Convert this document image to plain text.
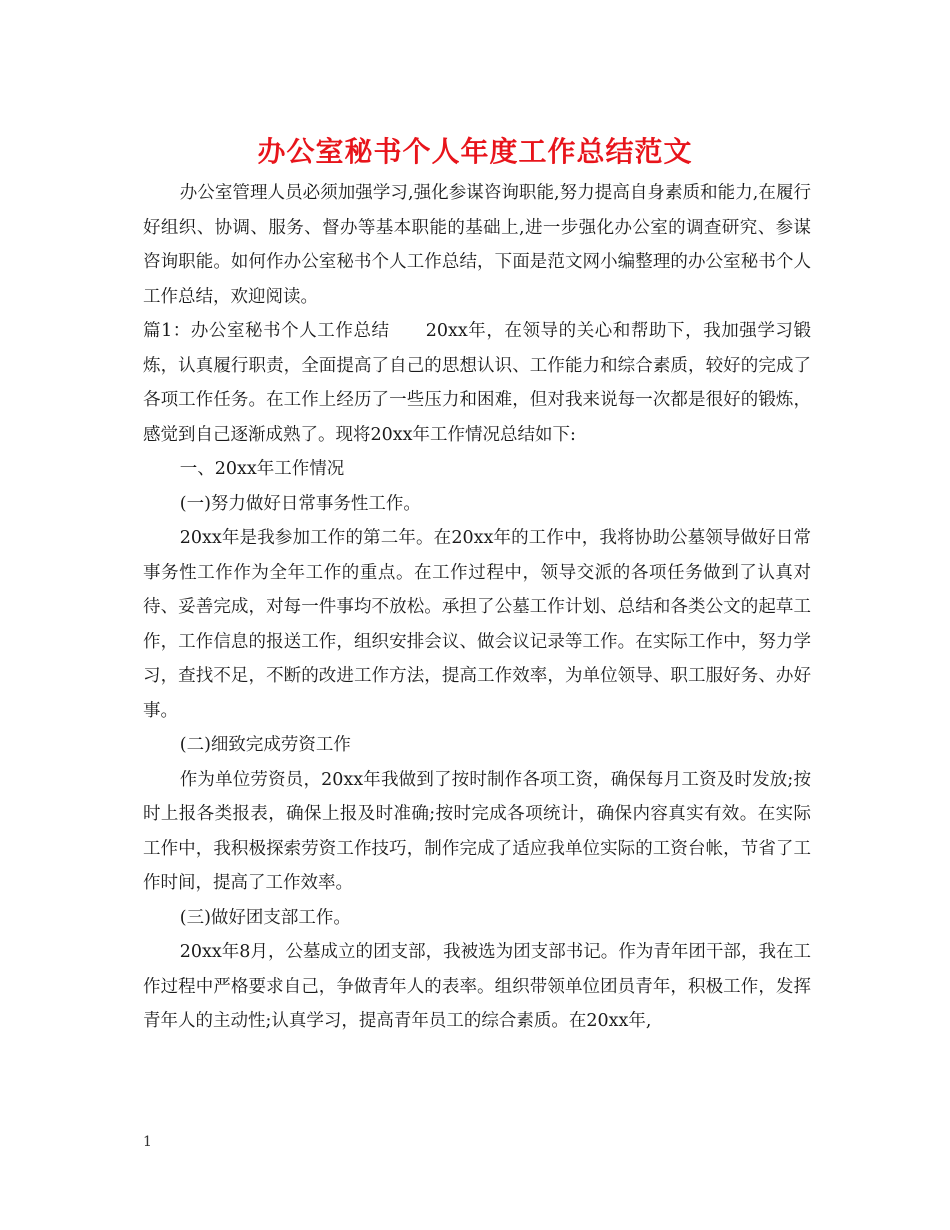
办公室秘书个人年度工作总结范文

办公室管理人员必须加强学习,强化参谋咨询职能,努力提高自身素质和能力,在履行好组织、协调、服务、督办等基本职能的基础上,进一步强化办公室的调查研究、参谋咨询职能。如何作办公室秘书个人工作总结，下面是范文网小编整理的办公室秘书个人工作总结，欢迎阅读。

篇1：办公室秘书个人工作总结　　20xx年，在领导的关心和帮助下，我加强学习锻炼，认真履行职责，全面提高了自己的思想认识、工作能力和综合素质，较好的完成了各项工作任务。在工作上经历了一些压力和困难，但对我来说每一次都是很好的锻炼，感觉到自己逐渐成熟了。现将20xx年工作情况总结如下:

一、20xx年工作情况

(一)努力做好日常事务性工作。

20xx年是我参加工作的第二年。在20xx年的工作中，我将协助公墓领导做好日常事务性工作作为全年工作的重点。在工作过程中，领导交派的各项任务做到了认真对待、妥善完成，对每一件事均不放松。承担了公墓工作计划、总结和各类公文的起草工作，工作信息的报送工作，组织安排会议、做会议记录等工作。在实际工作中，努力学习，查找不足，不断的改进工作方法，提高工作效率，为单位领导、职工服好务、办好事。

(二)细致完成劳资工作

作为单位劳资员，20xx年我做到了按时制作各项工资，确保每月工资及时发放;按时上报各类报表，确保上报及时准确;按时完成各项统计，确保内容真实有效。在实际工作中，我积极探索劳资工作技巧，制作完成了适应我单位实际的工资台帐，节省了工作时间，提高了工作效率。

(三)做好团支部工作。

20xx年8月，公墓成立的团支部，我被选为团支部书记。作为青年团干部，我在工作过程中严格要求自己，争做青年人的表率。组织带领单位团员青年，积极工作，发挥青年人的主动性;认真学习，提高青年员工的综合素质。在20xx年,

1
